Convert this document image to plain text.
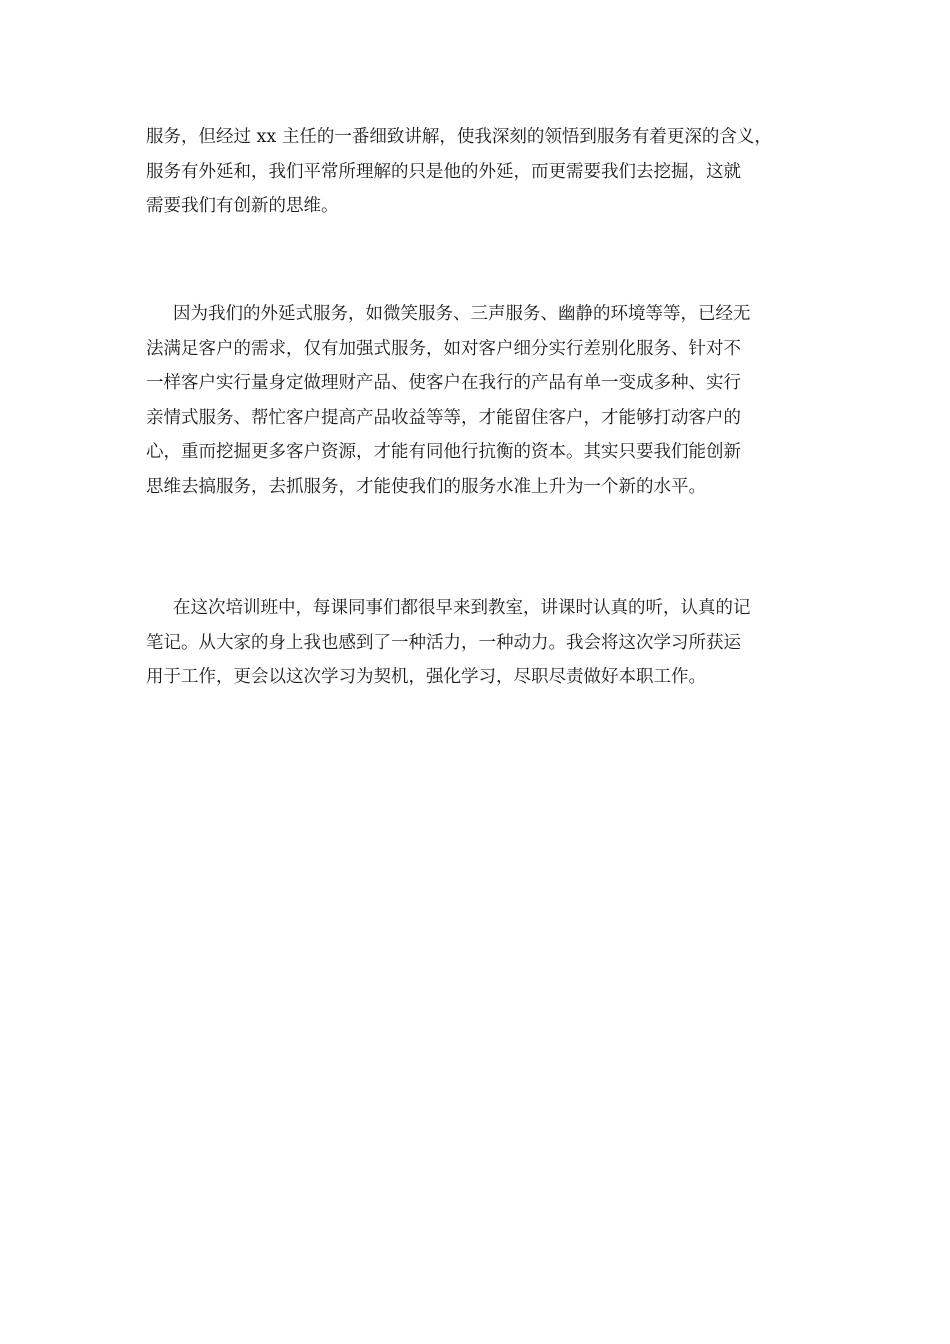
服务，但经过 xx 主任的一番细致讲解，使我深刻的领悟到服务有着更深的含义，
服务有外延和，我们平常所理解的只是他的外延，而更需要我们去挖掘，这就
需要我们有创新的思维。
因为我们的外延式服务，如微笑服务、三声服务、幽静的环境等等，已经无
法满足客户的需求，仅有加强式服务，如对客户细分实行差别化服务、针对不
一样客户实行量身定做理财产品、使客户在我行的产品有单一变成多种、实行
亲情式服务、帮忙客户提高产品收益等等，才能留住客户，才能够打动客户的
心，重而挖掘更多客户资源，才能有同他行抗衡的资本。其实只要我们能创新
思维去搞服务，去抓服务，才能使我们的服务水准上升为一个新的水平。
在这次培训班中，每课同事们都很早来到教室，讲课时认真的听，认真的记
笔记。从大家的身上我也感到了一种活力，一种动力。我会将这次学习所获运
用于工作，更会以这次学习为契机，强化学习，尽职尽责做好本职工作。
